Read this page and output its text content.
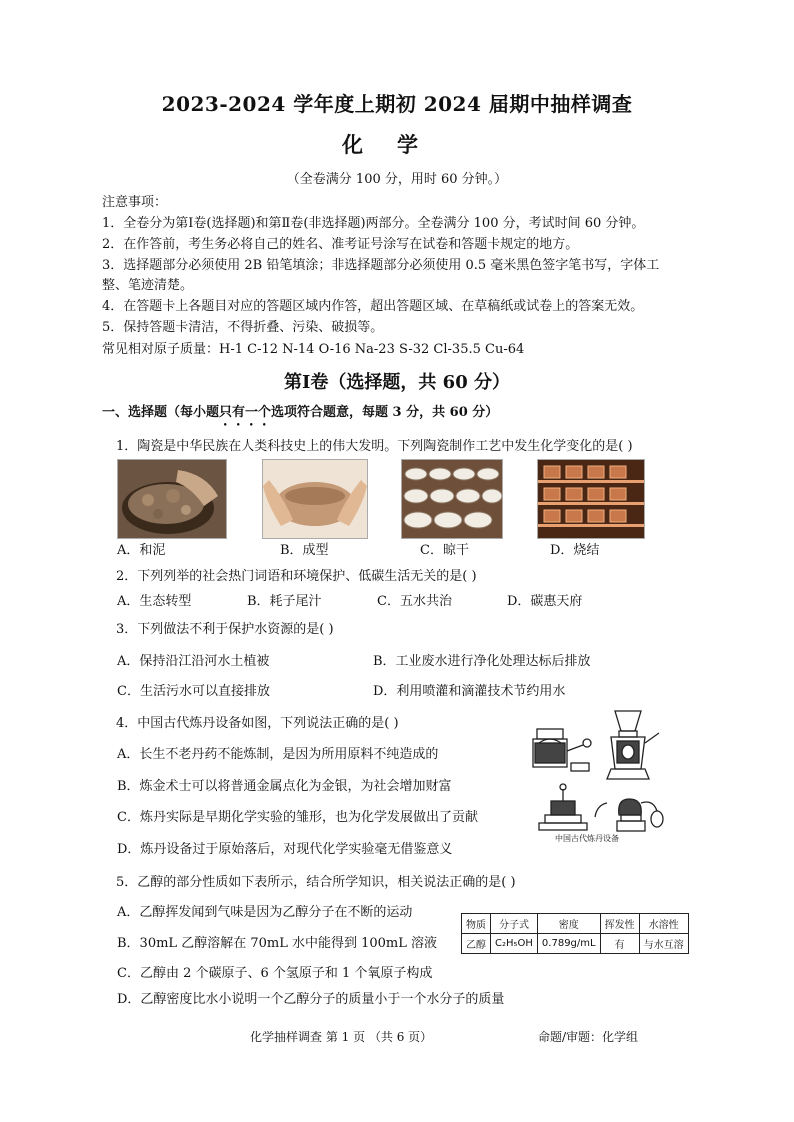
2023-2024 学年度上期初 2024 届期中抽样调查
化学
（全卷满分 100 分，用时 60 分钟。）
注意事项：
1．全卷分为第Ⅰ卷(选择题)和第Ⅱ卷(非选择题)两部分。全卷满分 100 分，考试时间 60 分钟。
2．在作答前，考生务必将自己的姓名、准考证号涂写在试卷和答题卡规定的地方。
3．选择题部分必须使用 2B 铅笔填涂；非选择题部分必须使用 0.5 毫米黑色签字笔书写，字体工
整、笔迹清楚。
4．在答题卡上各题目对应的答题区域内作答，超出答题区域、在草稿纸或试卷上的答案无效。
5．保持答题卡清洁，不得折叠、污染、破损等。
常见相对原子质量：H-1 C-12 N-14 O-16 Na-23 S-32 Cl-35.5 Cu-64
第Ⅰ卷（选择题，共 60 分）
一、选择题（每小题只有一个选项符合题意，每题 3 分，共 60 分）
1．陶瓷是中华民族在人类科技史上的伟大发明。下列陶瓷制作工艺中发生化学变化的是( )
A．和泥	B．成型	C．晾干	D．烧结
2．下列列举的社会热门词语和环境保护、低碳生活无关的是( )
A．生态转型	B．耗子尾汁	C．五水共治	D．碳惠天府
3．下列做法不利于保护水资源的是( )
A．保持沿江沿河水土植被	B．工业废水进行净化处理达标后排放
C．生活污水可以直接排放	D．利用喷灌和滴灌技术节约用水
4．中国古代炼丹设备如图，下列说法正确的是( )
A．长生不老丹药不能炼制，是因为所用原料不纯造成的
B．炼金术士可以将普通金属点化为金银，为社会增加财富
C．炼丹实际是早期化学实验的雏形，也为化学发展做出了贡献
D．炼丹设备过于原始落后，对现代化学实验毫无借鉴意义
中国古代炼丹设备
5．乙醇的部分性质如下表所示，结合所学知识，相关说法正确的是( )
A．乙醇挥发闻到气味是因为乙醇分子在不断的运动
B．30mL 乙醇溶解在 70mL 水中能得到 100mL 溶液
C．乙醇由 2 个碳原子、6 个氢原子和 1 个氧原子构成
D．乙醇密度比水小说明一个乙醇分子的质量小于一个水分子的质量
物质	分子式	密度	挥发性	水溶性
乙醇	C₂H₅OH	0.789g/mL	有	与水互溶
化学抽样调查 第 1 页 （共 6 页）	命题/审题：化学组
